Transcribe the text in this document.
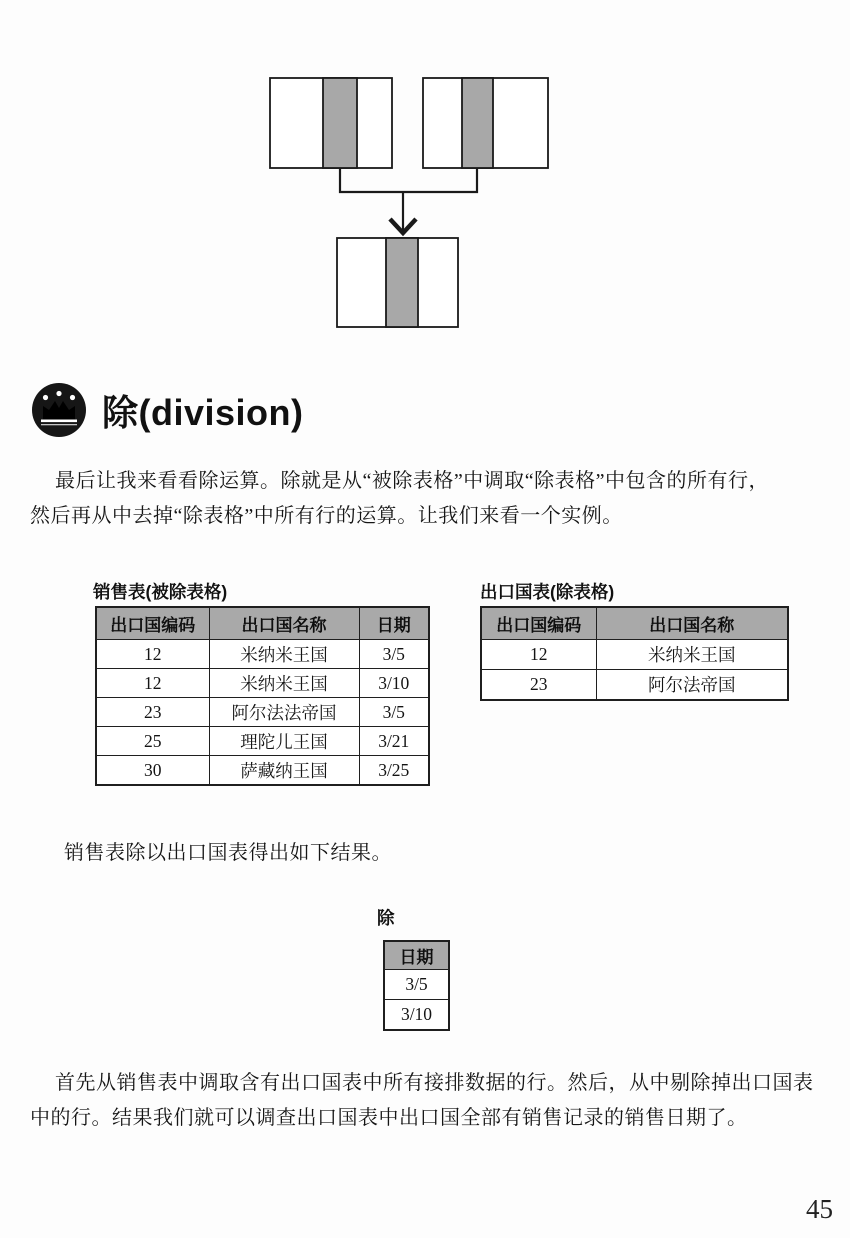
除(division)
最后让我来看看除运算。除就是从“被除表格”中调取“除表格”中包含的所有行，
然后再从中去掉“除表格”中所有行的运算。让我们来看一个实例。
销售表(被除表格)
出口国编码	出口国名称	日期
12	米纳米王国	3/5
12	米纳米王国	3/10
23	阿尔法法帝国	3/5
25	理陀儿王国	3/21
30	萨藏纳王国	3/25
出口国表(除表格)
出口国编码	出口国名称
12	米纳米王国
23	阿尔法帝国
销售表除以出口国表得出如下结果。
除
日期
3/5
3/10
首先从销售表中调取含有出口国表中所有接排数据的行。然后，从中剔除掉出口国表
中的行。结果我们就可以调查出口国表中出口国全部有销售记录的销售日期了。
45
